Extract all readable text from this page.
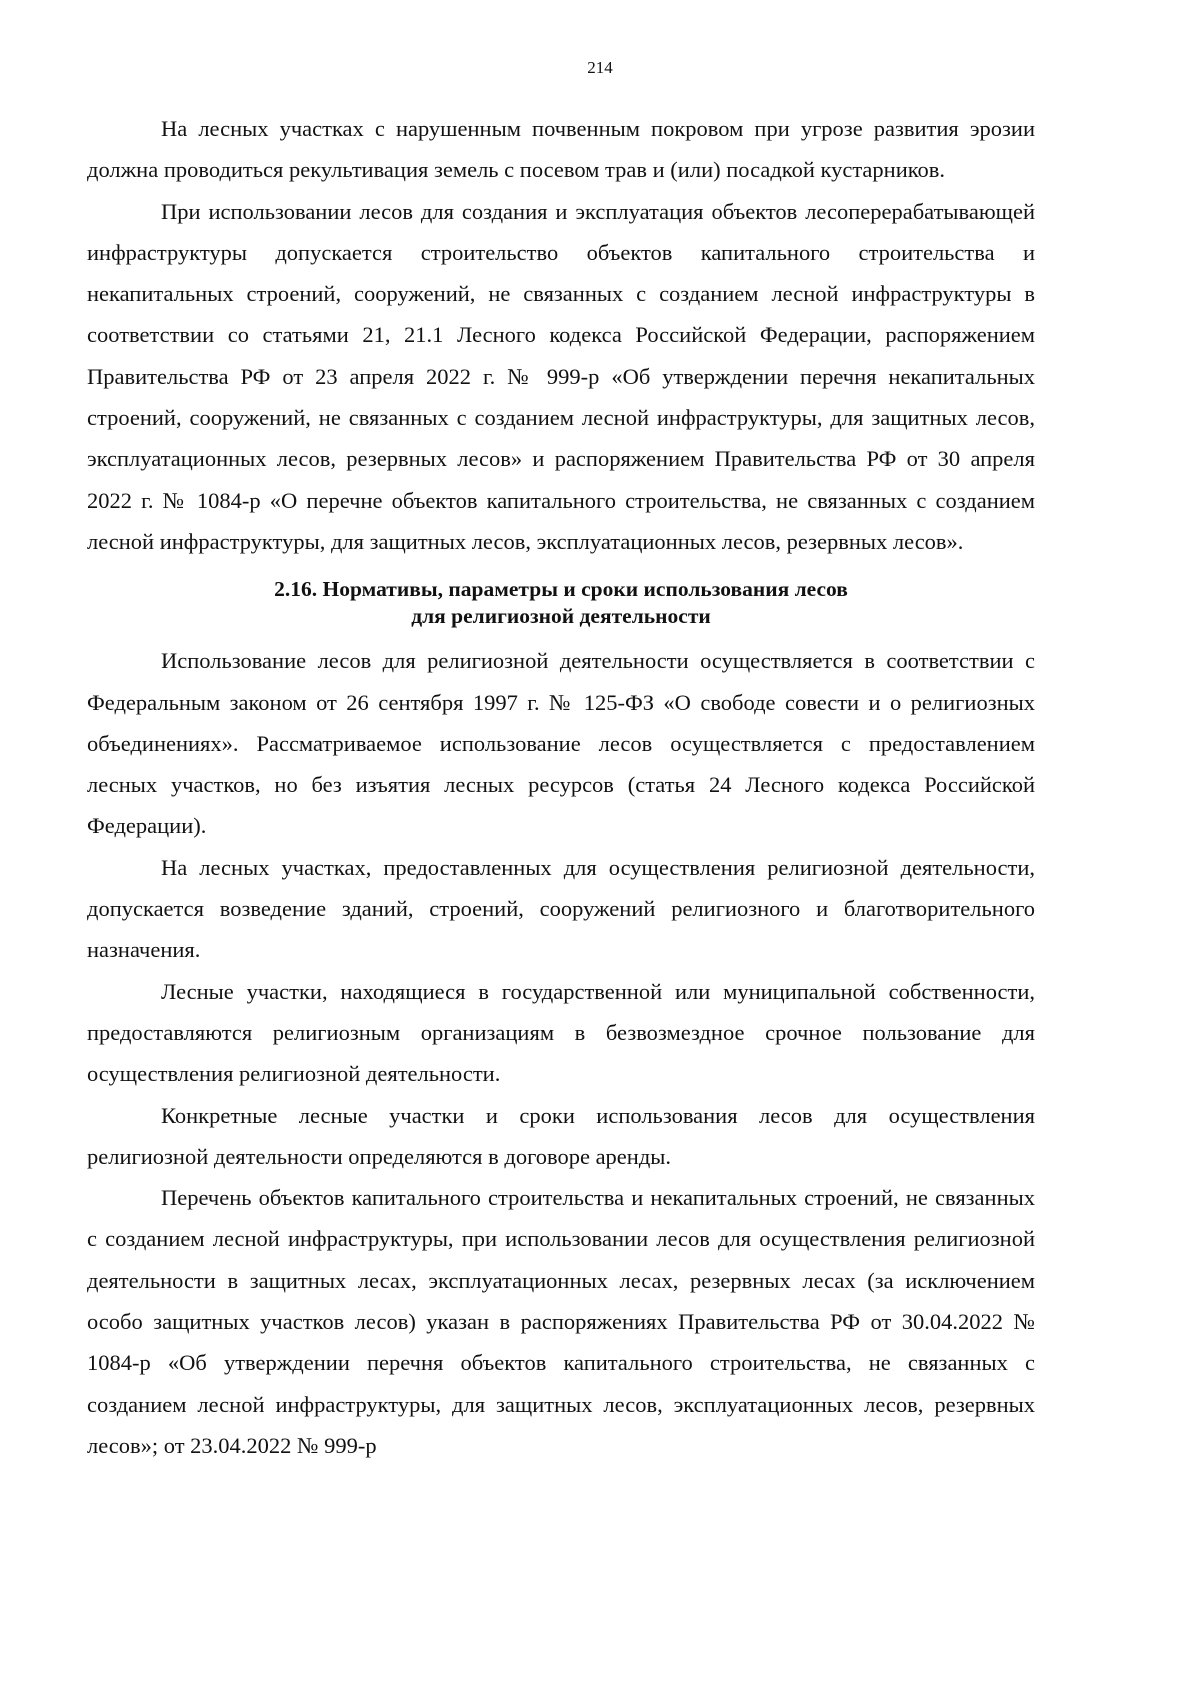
214

На лесных участках с нарушенным почвенным покровом при угрозе развития эрозии должна проводиться рекультивация земель с посевом трав и (или) посадкой кустарников.

При использовании лесов для создания и эксплуатация объектов лесоперерабатывающей инфраструктуры допускается строительство объектов капитального строительства и некапитальных строений, сооружений, не связанных с созданием лесной инфраструктуры в соответствии со статьями 21, 21.1 Лесного кодекса Российской Федерации, распоряжением Правительства РФ от 23 апреля 2022 г. № 999-р «Об утверждении перечня некапитальных строений, сооружений, не связанных с созданием лесной инфраструктуры, для защитных лесов, эксплуатационных лесов, резервных лесов» и распоряжением Правительства РФ от 30 апреля 2022 г. № 1084-р «О перечне объектов капитального строительства, не связанных с созданием лесной инфраструктуры, для защитных лесов, эксплуатационных лесов, резервных лесов».

2.16. Нормативы, параметры и сроки использования лесов
для религиозной деятельности

Использование лесов для религиозной деятельности осуществляется в соответствии с Федеральным законом от 26 сентября 1997 г. № 125-ФЗ «О свободе совести и о религиозных объединениях». Рассматриваемое использование лесов осуществляется с предоставлением лесных участков, но без изъятия лесных ресурсов (статья 24 Лесного кодекса Российской Федерации).

На лесных участках, предоставленных для осуществления религиозной деятельности, допускается возведение зданий, строений, сооружений религиозного и благотворительного назначения.

Лесные участки, находящиеся в государственной или муниципальной собственности, предоставляются религиозным организациям в безвозмездное срочное пользование для осуществления религиозной деятельности.

Конкретные лесные участки и сроки использования лесов для осуществления религиозной деятельности определяются в договоре аренды.

Перечень объектов капитального строительства и некапитальных строений, не связанных с созданием лесной инфраструктуры, при использовании лесов для осуществления религиозной деятельности в защитных лесах, эксплуатационных лесах, резервных лесах (за исключением особо защитных участков лесов) указан в распоряжениях Правительства РФ от 30.04.2022 № 1084-р «Об утверждении перечня объектов капитального строительства, не связанных с созданием лесной инфраструктуры, для защитных лесов, эксплуатационных лесов, резервных лесов»; от 23.04.2022 № 999-р
